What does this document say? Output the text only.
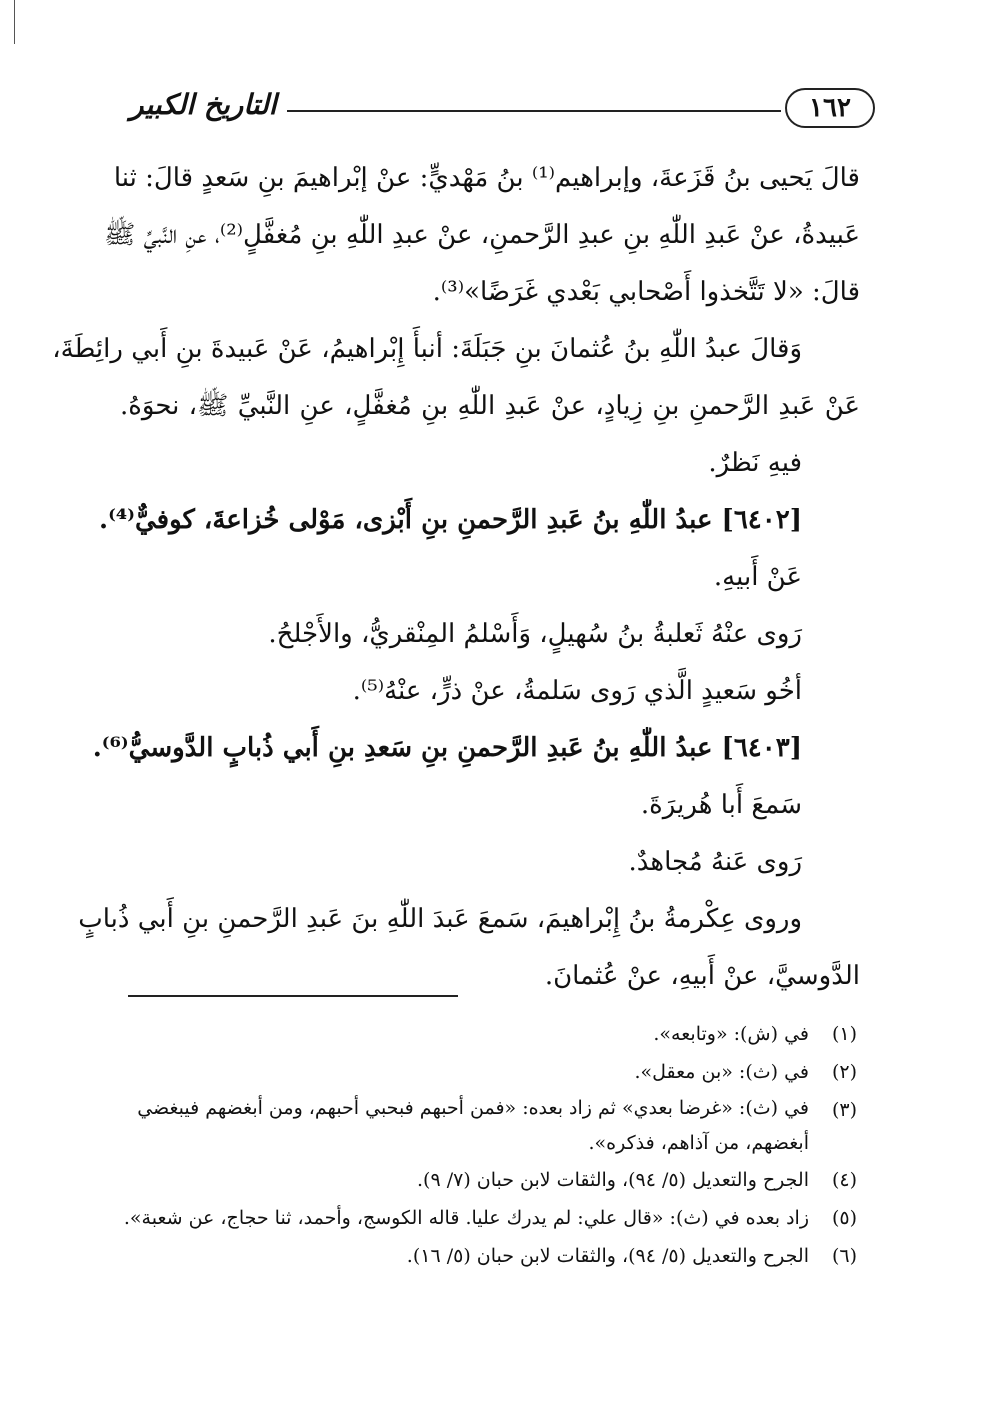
١٦٢
التاريخ الكبير
قالَ يَحيى بنُ قَزَعةَ، وإبراهيم⁽¹⁾ بنُ مَهْديٍّ: عنْ إبْراهيمَ بنِ سَعدٍ قالَ: ثنا
عَبيدةُ، عنْ عَبدِ اللّٰهِ بنِ عبدِ الرَّحمنِ، عنْ عبدِ اللّٰهِ بنِ مُغفَّلٍ⁽²⁾، عنِ النَّبيِّ ﷺ
قالَ: «لا تَتَّخذوا أَصْحابي بَعْدي غَرَضًا»⁽³⁾.
وَقالَ عبدُ اللّٰهِ بنُ عُثمانَ بنِ جَبَلَةَ: أنبأَ إِبْراهيمُ، عَنْ عَبيدةَ بنِ أَبي رائِطَةَ،
عَنْ عَبدِ الرَّحمنِ بنِ زِيادٍ، عنْ عَبدِ اللّٰهِ بنِ مُغفَّلٍ، عنِ النَّبيِّ ﷺ، نحوَهُ.
فيهِ نَظرٌ.
[٦٤٠٢] عبدُ اللّٰهِ بنُ عَبدِ الرَّحمنِ بنِ أَبْزى، مَوْلى خُزاعةَ، كوفيٌّ⁽⁴⁾.
عَنْ أَبيهِ.
رَوى عنْهُ ثَعلبةُ بنُ سُهيلٍ، وَأَسْلمُ المِنْقريُّ، والأَجْلحُ.
أخُو سَعيدٍ الَّذي رَوى سَلمةُ، عنْ ذرٍّ، عنْهُ⁽⁵⁾.
[٦٤٠٣] عبدُ اللّٰهِ بنُ عَبدِ الرَّحمنِ بنِ سَعدِ بنِ أَبي ذُبابٍ الدَّوسيُّ⁽⁶⁾.
سَمعَ أَبا هُريرَةَ.
رَوى عَنهُ مُجاهدٌ.
وروى عِكْرمةُ بنُ إِبْراهيمَ، سَمعَ عَبدَ اللّٰهِ بنَ عَبدِ الرَّحمنِ بنِ أَبي ذُبابٍ
الدَّوسيَّ، عنْ أَبيهِ، عنْ عُثمانَ.
(١)
في (ش): «وتابعه».
(٢)
في (ث): «بن معقل».
(٣)
في (ث): «غرضا بعدي» ثم زاد بعده: «فمن أحبهم فبحبي أحبهم، ومن أبغضهم فيبغضي أبغضهم، من آذاهم، فذكره».
(٤)
الجرح والتعديل (٥/ ٩٤)، والثقات لابن حبان (٧/ ٩).
(٥)
زاد بعده في (ث): «قال علي: لم يدرك عليا. قاله الكوسج، وأحمد، ثنا حجاج، عن شعبة».
(٦)
الجرح والتعديل (٥/ ٩٤)، والثقات لابن حبان (٥/ ١٦).
